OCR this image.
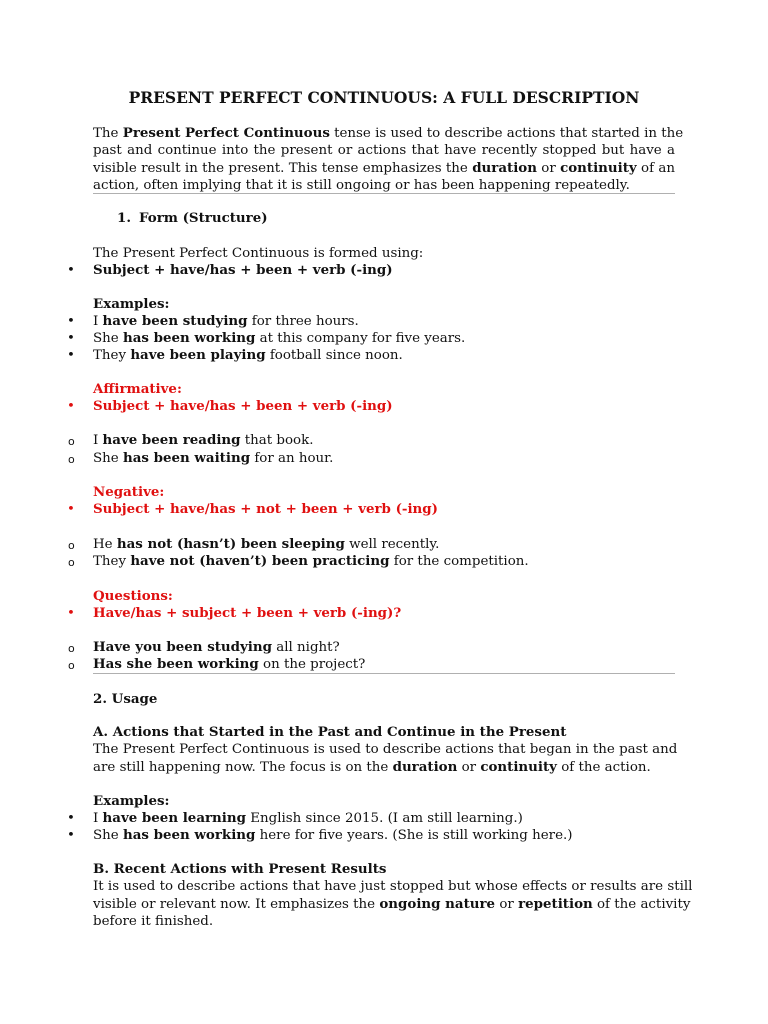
PRESENT PERFECT CONTINUOUS: A FULL DESCRIPTION
The Present Perfect Continuous tense is used to describe actions that started in the
past and continue into the present or actions that have recently stopped but have a
visible result in the present. This tense emphasizes the duration or continuity of an
action, often implying that it is still ongoing or has been happening repeatedly.
1. Form (Structure)
The Present Perfect Continuous is formed using:
• Subject + have/has + been + verb (-ing)
Examples:
• I have been studying for three hours.
• She has been working at this company for five years.
• They have been playing football since noon.
Affirmative:
• Subject + have/has + been + verb (-ing)
o I have been reading that book.
o She has been waiting for an hour.
Negative:
• Subject + have/has + not + been + verb (-ing)
o He has not (hasn’t) been sleeping well recently.
o They have not (haven’t) been practicing for the competition.
Questions:
• Have/has + subject + been + verb (-ing)?
o Have you been studying all night?
o Has she been working on the project?
2. Usage
A. Actions that Started in the Past and Continue in the Present
The Present Perfect Continuous is used to describe actions that began in the past and
are still happening now. The focus is on the duration or continuity of the action.
Examples:
• I have been learning English since 2015. (I am still learning.)
• She has been working here for five years. (She is still working here.)
B. Recent Actions with Present Results
It is used to describe actions that have just stopped but whose effects or results are still
visible or relevant now. It emphasizes the ongoing nature or repetition of the activity
before it finished.
